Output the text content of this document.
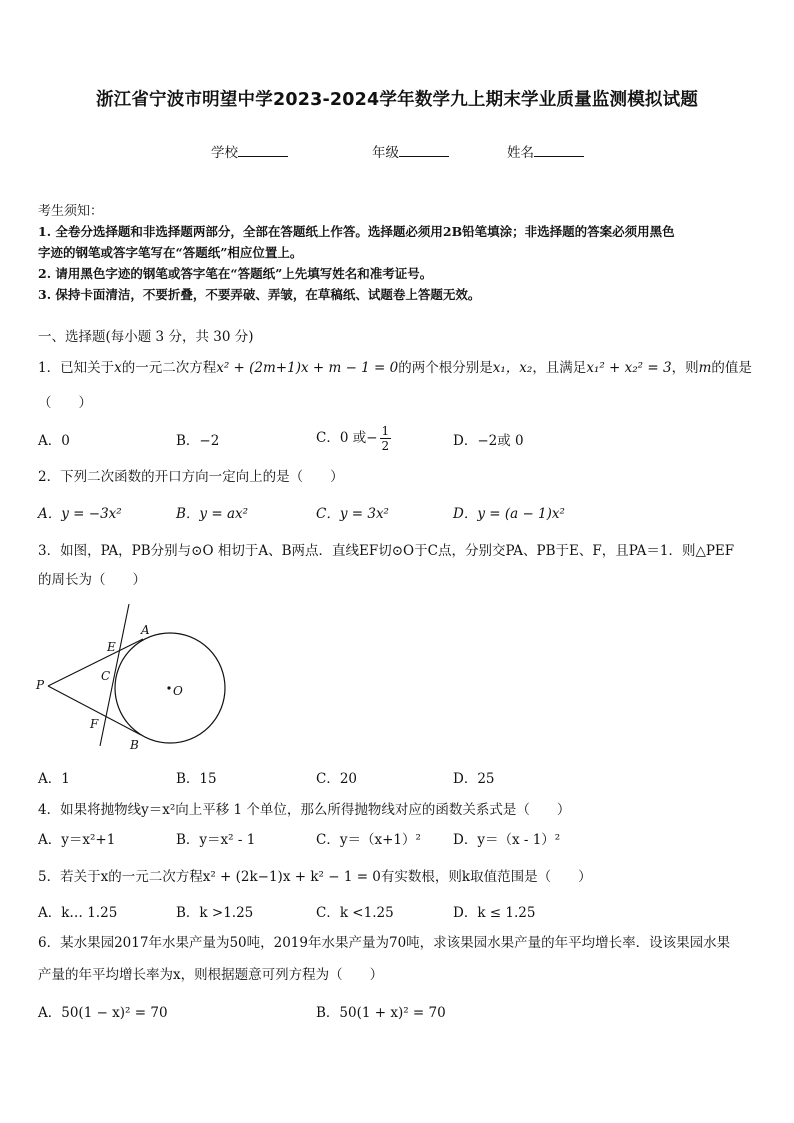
浙江省宁波市明望中学2023-2024学年数学九上期末学业质量监测模拟试题
学校	年级	姓名
考生须知：
1. 全卷分选择题和非选择题两部分，全部在答题纸上作答。选择题必须用2B铅笔填涂；非选择题的答案必须用黑色
字迹的钢笔或答字笔写在“答题纸”相应位置上。
2. 请用黑色字迹的钢笔或答字笔在“答题纸”上先填写姓名和准考证号。
3. 保持卡面清洁，不要折叠，不要弄破、弄皱，在草稿纸、试题卷上答题无效。
一、选择题(每小题 3 分，共 30 分)
1．已知关于x的一元二次方程x² + (2m+1)x + m − 1 = 0的两个根分别是x₁，x₂，且满足x₁² + x₂² = 3，则m的值是
（　　）
A．0	B．−2	C．0 或− $\frac{1}{2}$	D．−2或 0
2．下列二次函数的开口方向一定向上的是（　　）
A．y = −3x²	B．y = ax²	C．y = 3x²	D．y = (a − 1)x²
3．如图，PA，PB分别与⊙O 相切于A、B两点．直线EF切⊙O于C点，分别交PA、PB于E、F，且PA＝1．则△PEF
的周长为（　　）
P
A
B
C
E
F
O
A．1	B．15	C．20	D．25
4．如果将抛物线y＝x²向上平移 1 个单位，那么所得抛物线对应的函数关系式是（　　）
A．y＝x²+1	B．y＝x² - 1	C．y＝（x+1）² D．y＝（x - 1）²
5．若关于x的一元二次方程x² + (2k−1)x + k² − 1 = 0有实数根，则k取值范围是（　　）
A．k… 1.25	B．k >1.25	C．k <1.25	D．k ≤ 1.25
6．某水果园2017年水果产量为50吨，2019年水果产量为70吨，求该果园水果产量的年平均增长率．设该果园水果
产量的年平均增长率为x，则根据题意可列方程为（　　）
A．50(1 − x)² = 70	B．50(1 + x)² = 70
